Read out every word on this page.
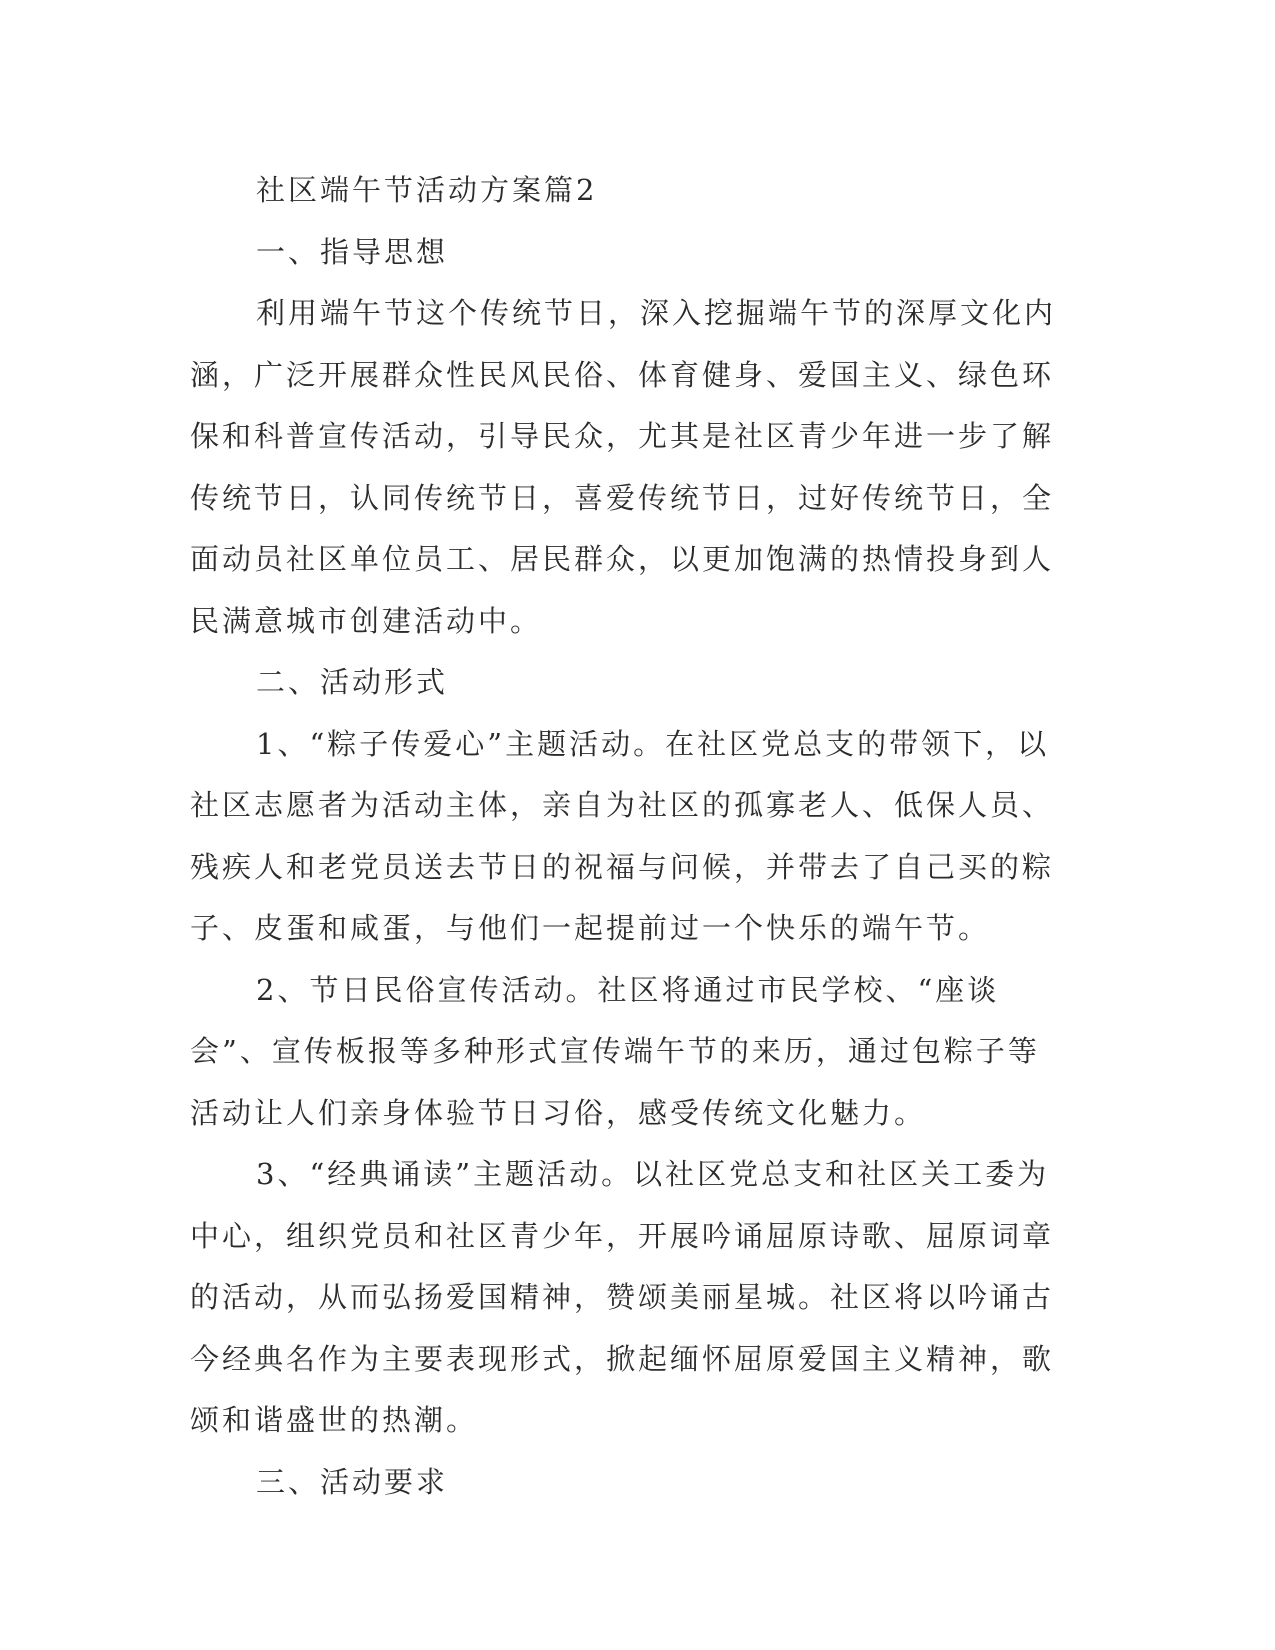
社区端午节活动方案篇2

一、指导思想

利用端午节这个传统节日，深入挖掘端午节的深厚文化内涵，广泛开展群众性民风民俗、体育健身、爱国主义、绿色环保和科普宣传活动，引导民众，尤其是社区青少年进一步了解传统节日，认同传统节日，喜爱传统节日，过好传统节日，全面动员社区单位员工、居民群众，以更加饱满的热情投身到人民满意城市创建活动中。

二、活动形式

1、“粽子传爱心”主题活动。在社区党总支的带领下，以社区志愿者为活动主体，亲自为社区的孤寡老人、低保人员、残疾人和老党员送去节日的祝福与问候，并带去了自己买的粽子、皮蛋和咸蛋，与他们一起提前过一个快乐的端午节。

2、节日民俗宣传活动。社区将通过市民学校、“座谈会”、宣传板报等多种形式宣传端午节的来历，通过包粽子等活动让人们亲身体验节日习俗，感受传统文化魅力。

3、“经典诵读”主题活动。以社区党总支和社区关工委为中心，组织党员和社区青少年，开展吟诵屈原诗歌、屈原词章的活动，从而弘扬爱国精神，赞颂美丽星城。社区将以吟诵古今经典名作为主要表现形式，掀起缅怀屈原爱国主义精神，歌颂和谐盛世的热潮。

三、活动要求
